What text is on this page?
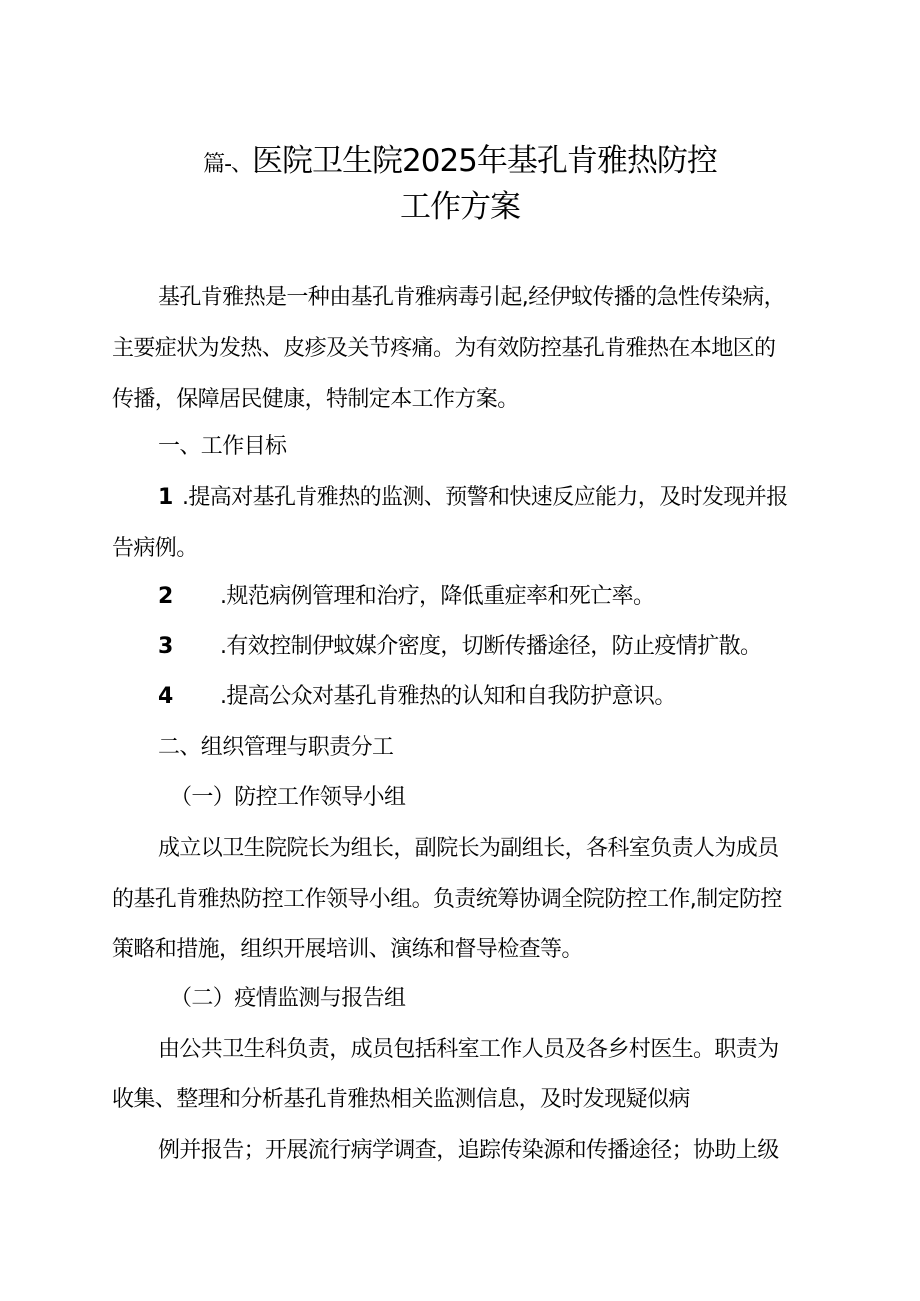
篇-、医院卫生院2025年基孔肯雅热防控
工作方案
基孔肯雅热是一种由基孔肯雅病毒引起,经伊蚊传播的急性传染病，
主要症状为发热、皮疹及关节疼痛。为有效防控基孔肯雅热在本地区的
传播，保障居民健康，特制定本工作方案。
一、工作目标
1 .提高对基孔肯雅热的监测、预警和快速反应能力，及时发现并报
告病例。
2 .规范病例管理和治疗，降低重症率和死亡率。
3 .有效控制伊蚊媒介密度，切断传播途径，防止疫情扩散。
4 .提高公众对基孔肯雅热的认知和自我防护意识。
二、组织管理与职责分工
（一）防控工作领导小组
成立以卫生院院长为组长，副院长为副组长，各科室负责人为成员
的基孔肯雅热防控工作领导小组。负责统筹协调全院防控工作,制定防控
策略和措施，组织开展培训、演练和督导检查等。
（二）疫情监测与报告组
由公共卫生科负责，成员包括科室工作人员及各乡村医生。职责为
收集、整理和分析基孔肯雅热相关监测信息，及时发现疑似病
例并报告；开展流行病学调查，追踪传染源和传播途径；协助上级
